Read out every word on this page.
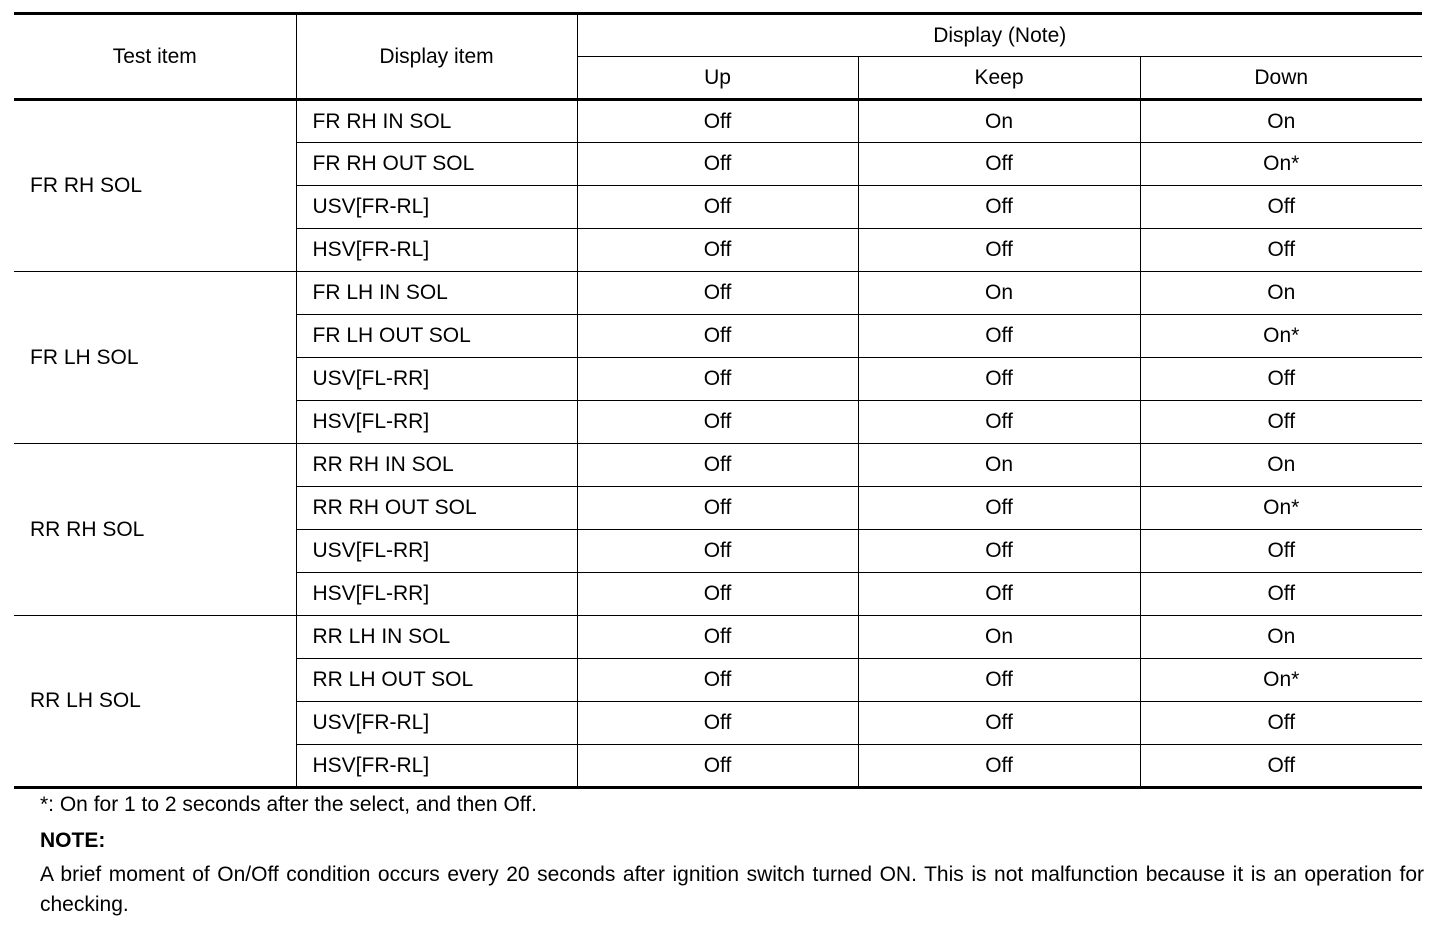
Test item	Display item	Display (Note)		
		Up	Keep	Down
FR RH SOL	FR RH IN SOL	Off	On	On
	FR RH OUT SOL	Off	Off	On*
	USV[FR-RL]	Off	Off	Off
	HSV[FR-RL]	Off	Off	Off
FR LH SOL	FR LH IN SOL	Off	On	On
	FR LH OUT SOL	Off	Off	On*
	USV[FL-RR]	Off	Off	Off
	HSV[FL-RR]	Off	Off	Off
RR RH SOL	RR RH IN SOL	Off	On	On
	RR RH OUT SOL	Off	Off	On*
	USV[FL-RR]	Off	Off	Off
	HSV[FL-RR]	Off	Off	Off
RR LH SOL	RR LH IN SOL	Off	On	On
	RR LH OUT SOL	Off	Off	On*
	USV[FR-RL]	Off	Off	Off
	HSV[FR-RL]	Off	Off	Off

*: On for 1 to 2 seconds after the select, and then Off.

NOTE:

A brief moment of On/Off condition occurs every 20 seconds after ignition switch turned ON. This is not malfunction because it is an operation for checking.
